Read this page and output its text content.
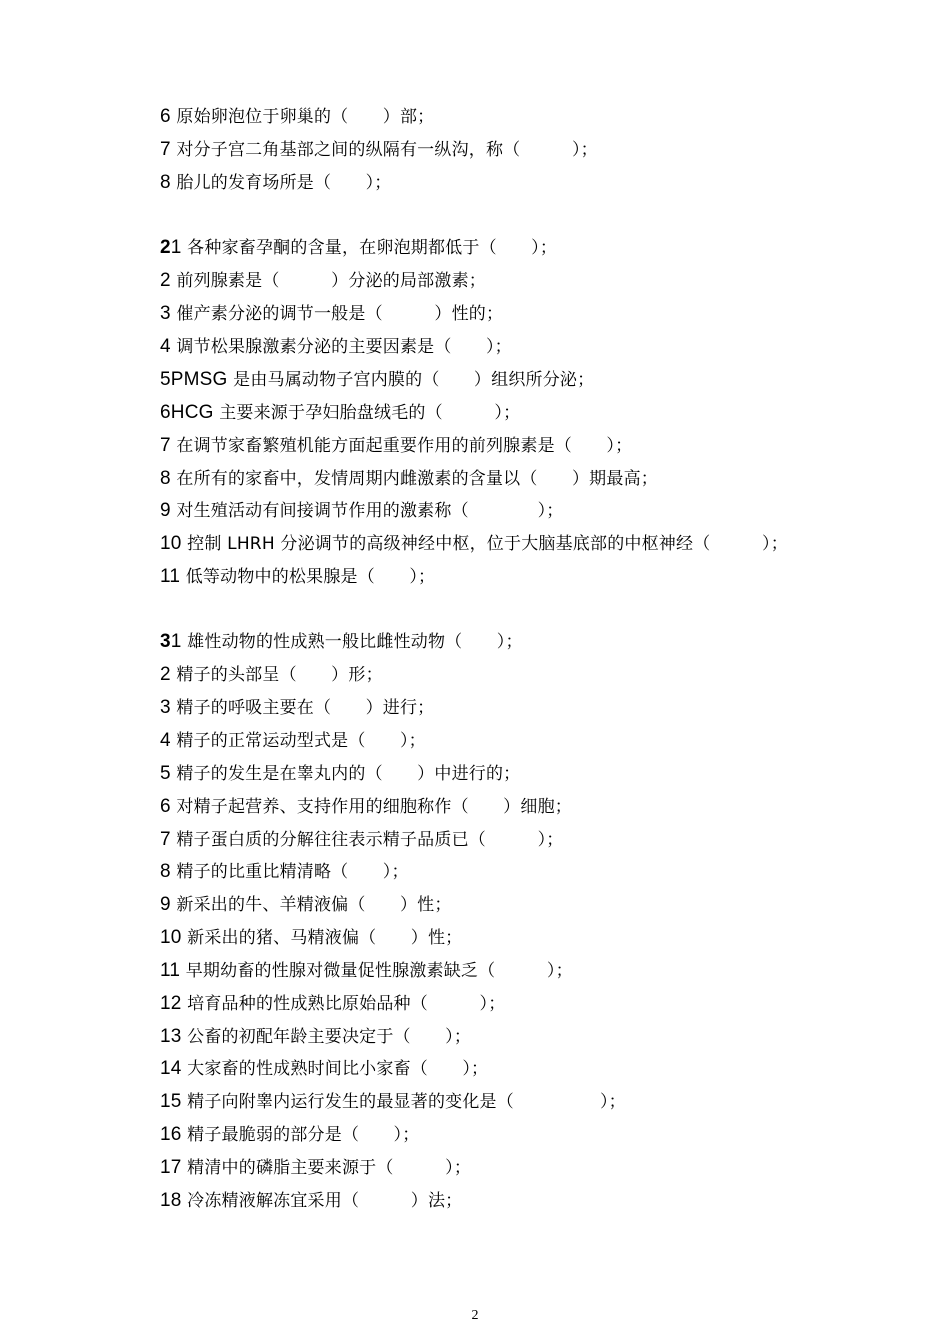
6 原始卵泡位于卵巢的（　　）部；
7 对分子宫二角基部之间的纵隔有一纵沟，称（　　　）；
8 胎儿的发育场所是（　　）；
21 各种家畜孕酮的含量，在卵泡期都低于（　　）；
2 前列腺素是（　　　）分泌的局部激素；
3 催产素分泌的调节一般是（　　　）性的；
4 调节松果腺激素分泌的主要因素是（　　）；
5PMSG 是由马属动物子宫内膜的（　　）组织所分泌；
6HCG 主要来源于孕妇胎盘绒毛的（　　　）；
7 在调节家畜繁殖机能方面起重要作用的前列腺素是（　　）；
8 在所有的家畜中，发情周期内雌激素的含量以（　　）期最高；
9 对生殖活动有间接调节作用的激素称（　　　　）；
10 控制 LHRH 分泌调节的高级神经中枢，位于大脑基底部的中枢神经（　　　）；
11 低等动物中的松果腺是（　　）；
31 雄性动物的性成熟一般比雌性动物（　　）；
2 精子的头部呈（　　）形；
3 精子的呼吸主要在（　　）进行；
4 精子的正常运动型式是（　　）；
5 精子的发生是在睾丸内的（　　）中进行的；
6 对精子起营养、支持作用的细胞称作（　　）细胞；
7 精子蛋白质的分解往往表示精子品质已（　　　）；
8 精子的比重比精清略（　　）；
9 新采出的牛、羊精液偏（　　）性；
10 新采出的猪、马精液偏（　　）性；
11 早期幼畜的性腺对微量促性腺激素缺乏（　　　）；
12 培育品种的性成熟比原始品种（　　　）；
13 公畜的初配年龄主要决定于（　　）；
14 大家畜的性成熟时间比小家畜（　　）；
15 精子向附睾内运行发生的最显著的变化是（　　　　　）；
16 精子最脆弱的部分是（　　）；
17 精清中的磷脂主要来源于（　　　）；
18 冷冻精液解冻宜采用（　　　）法；
2
